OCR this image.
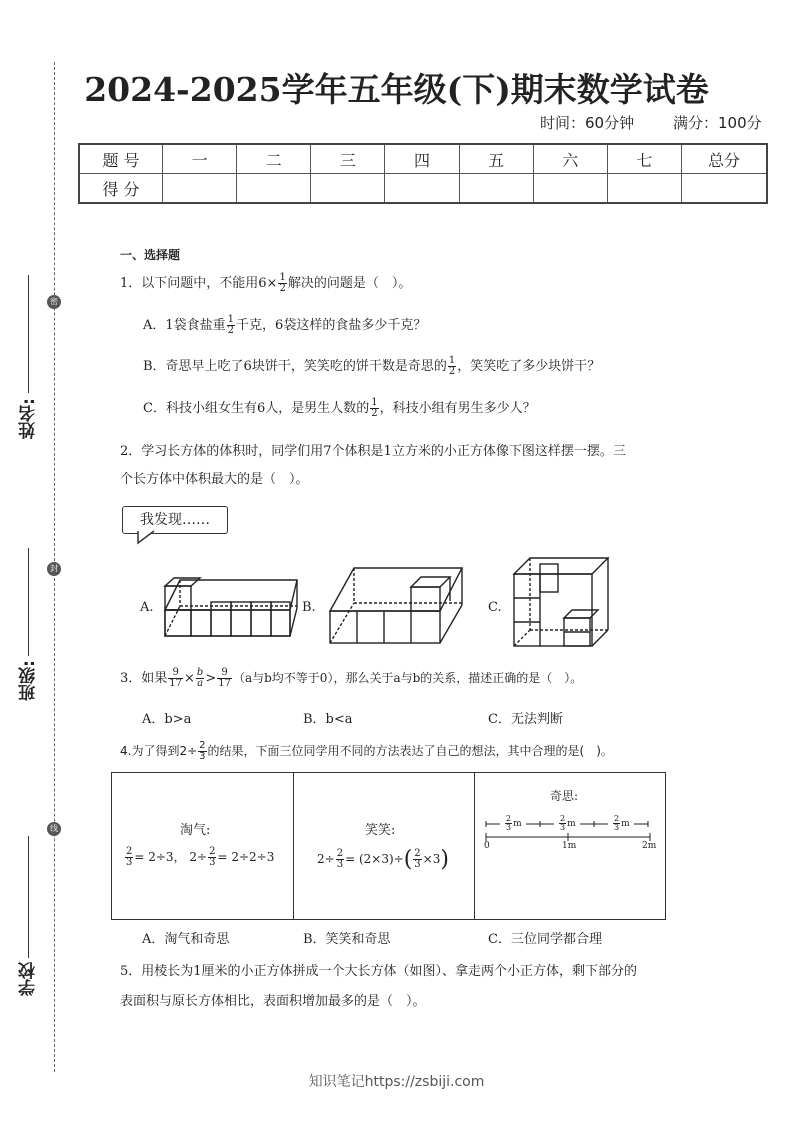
姓名:
班级:
学校
密
封
线
2024-2025学年五年级(下)期末数学试卷
时间：60分钟	满分：100分
题 号	一	二	三	四	五	六	七	总分
得 分								
一、选择题
1．以下问题中，不能用$6\times \frac{1}{2}$ 解决的问题是（　）。
A．1袋食盐重 $\frac{1}{2}$ 千克，6袋这样的食盐多少千克？
B．奇思早上吃了6块饼干，笑笑吃的饼干数是奇思的 $\frac{1}{2}$ ，笑笑吃了多少块饼干？
C．科技小组女生有6人，是男生人数的 $\frac{1}{2}$ ，科技小组有男生多少人？
2．学习长方体的体积时，同学们用7个体积是1立方米的小正方体像下图这样摆一摆。三
个长方体中体积最大的是（　）。
我发现……
A.	B.	C.
3．如果 $\frac{9}{17} \times \frac{b}{a} > \frac{9}{17} (a$与b均不等于0），那么关于a与b的关系，描述正确的是（　）。
A．b>a	B．b<a	C．无法判断
4.为了得到$2\div \frac{2}{3}$ 的结果，下面三位同学用不同的方法表达了自己的想法，其中合理的是(　)。
淘气:
$\frac{2}{3} = 2\div 3$， $2\div \frac{2}{3} = 2\div 2\div 3$
笑笑:
$2\div \frac{2}{3} = (2\times 3)\div( \frac{2}{3} \times 3)$
奇思:
$\frac{2}{3}$ m	$\frac{2}{3}$ m	$\frac{2}{3}$ m
0	1m	2m
A．淘气和奇思	B．笑笑和奇思	C．三位同学都合理
5．用棱长为1厘米的小正方体拼成一个大长方体（如图）、拿走两个小正方体，剩下部分的
表面积与原长方体相比，表面积增加最多的是（　）。
知识笔记https://zsbiji.com
